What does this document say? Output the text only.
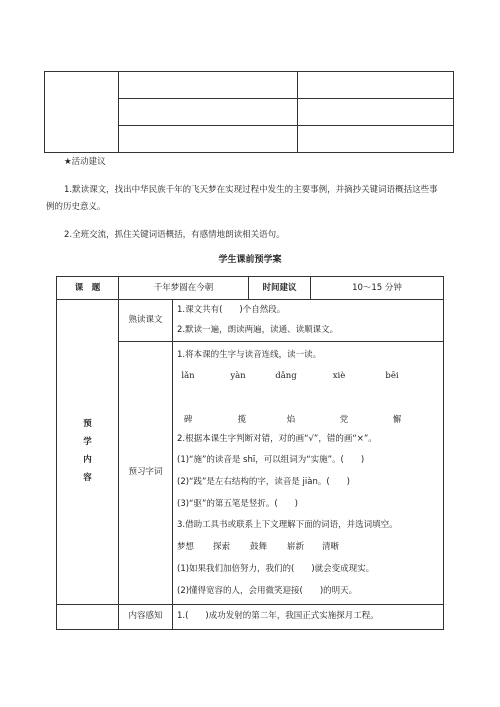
★活动建议
1.默读课文，找出中华民族千年的飞天梦在实现过程中发生的主要事例，并摘抄关键词语概括这些事
例的历史意义。
2.全班交流，抓住关键词语概括，有感情地朗读相关语句。
学生课前预学案
课　题	千年梦圆在今朝	时间建议	10～15 分钟
预
学
内
容
熟读课文
1.课文共有(　　)个自然段。
2.默读一遍，朗读两遍，读通、读顺课文。
预习字词
1.将本课的生字与读音连线，读一读。
lǎn	yàn	dǎng	xiè	bēi
碑	揽	焰	党	懈
2.根据本课生字判断对错，对的画“√”，错的画“×”。
(1)“施”的读音是 shī，可以组词为“实施”。(　　)
(2)“践”是左右结构的字，读音是 jiàn。(　　)
(3)“驱”的第五笔是竖折。(　　)
3.借助工具书或联系上下文理解下面的词语，并选词填空。
梦想 探索 鼓舞 崭新 清晰
(1)如果我们加倍努力，我们的(　　)就会变成现实。
(2)懂得宽容的人，会用微笑迎接(　　)的明天。
内容感知	1.(　　)成功发射的第二年，我国正式实施探月工程。
